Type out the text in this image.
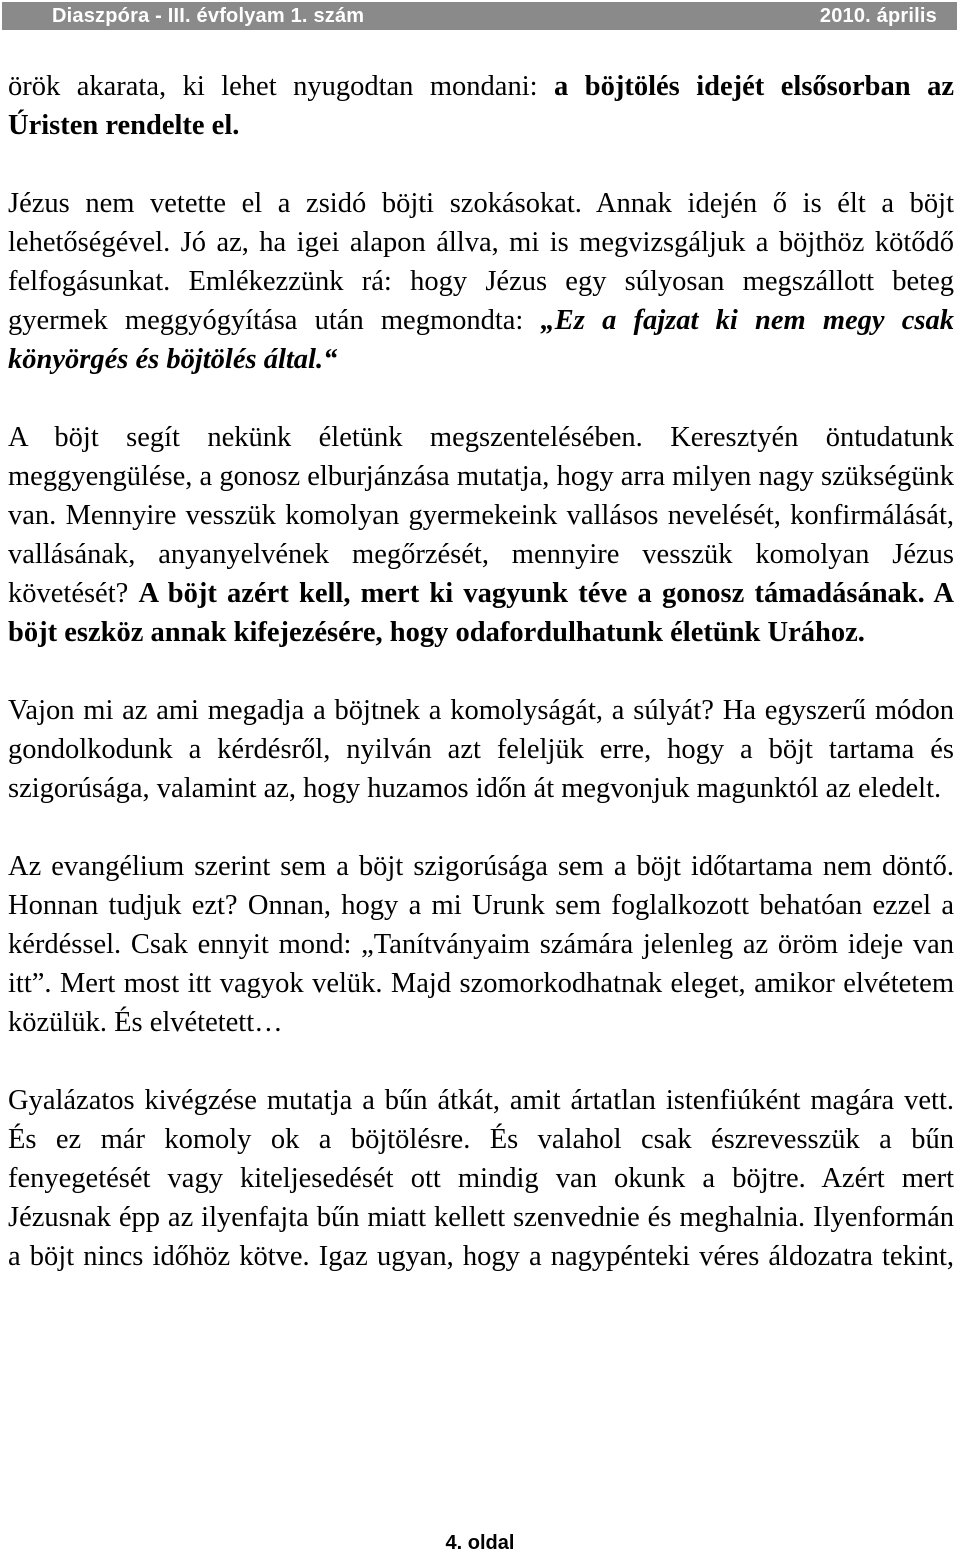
Diaszpóra - III. évfolyam 1. szám	2010. április

örök akarata, ki lehet nyugodtan mondani: a böjtölés idejét elsősorban az Úristen rendelte el.

Jézus nem vetette el a zsidó böjti szokásokat. Annak idején ő is élt a böjt lehetőségével. Jó az, ha igei alapon állva, mi is megvizsgáljuk a böjthöz kötődő felfogásunkat. Emlékezzünk rá: hogy Jézus egy súlyosan megszállott beteg gyermek meggyógyítása után megmondta: „Ez a fajzat ki nem megy csak könyörgés és böjtölés által.“

A böjt segít nekünk életünk megszentelésében. Keresztyén öntudatunk meggyengülése, a gonosz elburjánzása mutatja, hogy arra milyen nagy szükségünk van. Mennyire vesszük komolyan gyermekeink vallásos nevelését, konfirmálását, vallásának, anyanyelvének megőrzését, mennyire vesszük komolyan Jézus követését? A böjt azért kell, mert ki vagyunk téve a gonosz támadásának. A böjt eszköz annak kifejezésére, hogy odafordulhatunk életünk Urához.

Vajon mi az ami megadja a böjtnek a komolyságát, a súlyát? Ha egyszerű módon gondolkodunk a kérdésről, nyilván azt feleljük erre, hogy a böjt tartama és szigorúsága, valamint az, hogy huzamos időn át megvonjuk magunktól az eledelt.

Az evangélium szerint sem a böjt szigorúsága sem a böjt időtartama nem döntő. Honnan tudjuk ezt? Onnan, hogy a mi Urunk sem foglalkozott behatóan ezzel a kérdéssel. Csak ennyit mond: „Tanítványaim számára jelenleg az öröm ideje van itt”. Mert most itt vagyok velük. Majd szomorkodhatnak eleget, amikor elvétetem közülük. És elvétetett…

Gyalázatos kivégzése mutatja a bűn átkát, amit ártatlan istenfiúként magára vett. És ez már komoly ok a böjtölésre. És valahol csak észrevesszük a bűn fenyegetését vagy kiteljesedését ott mindig van okunk a böjtre. Azért mert Jézusnak épp az ilyenfajta bűn miatt kellett szenvednie és meghalnia. Ilyenformán a böjt nincs időhöz kötve. Igaz ugyan, hogy a nagypénteki véres áldozatra tekint,

4. oldal
